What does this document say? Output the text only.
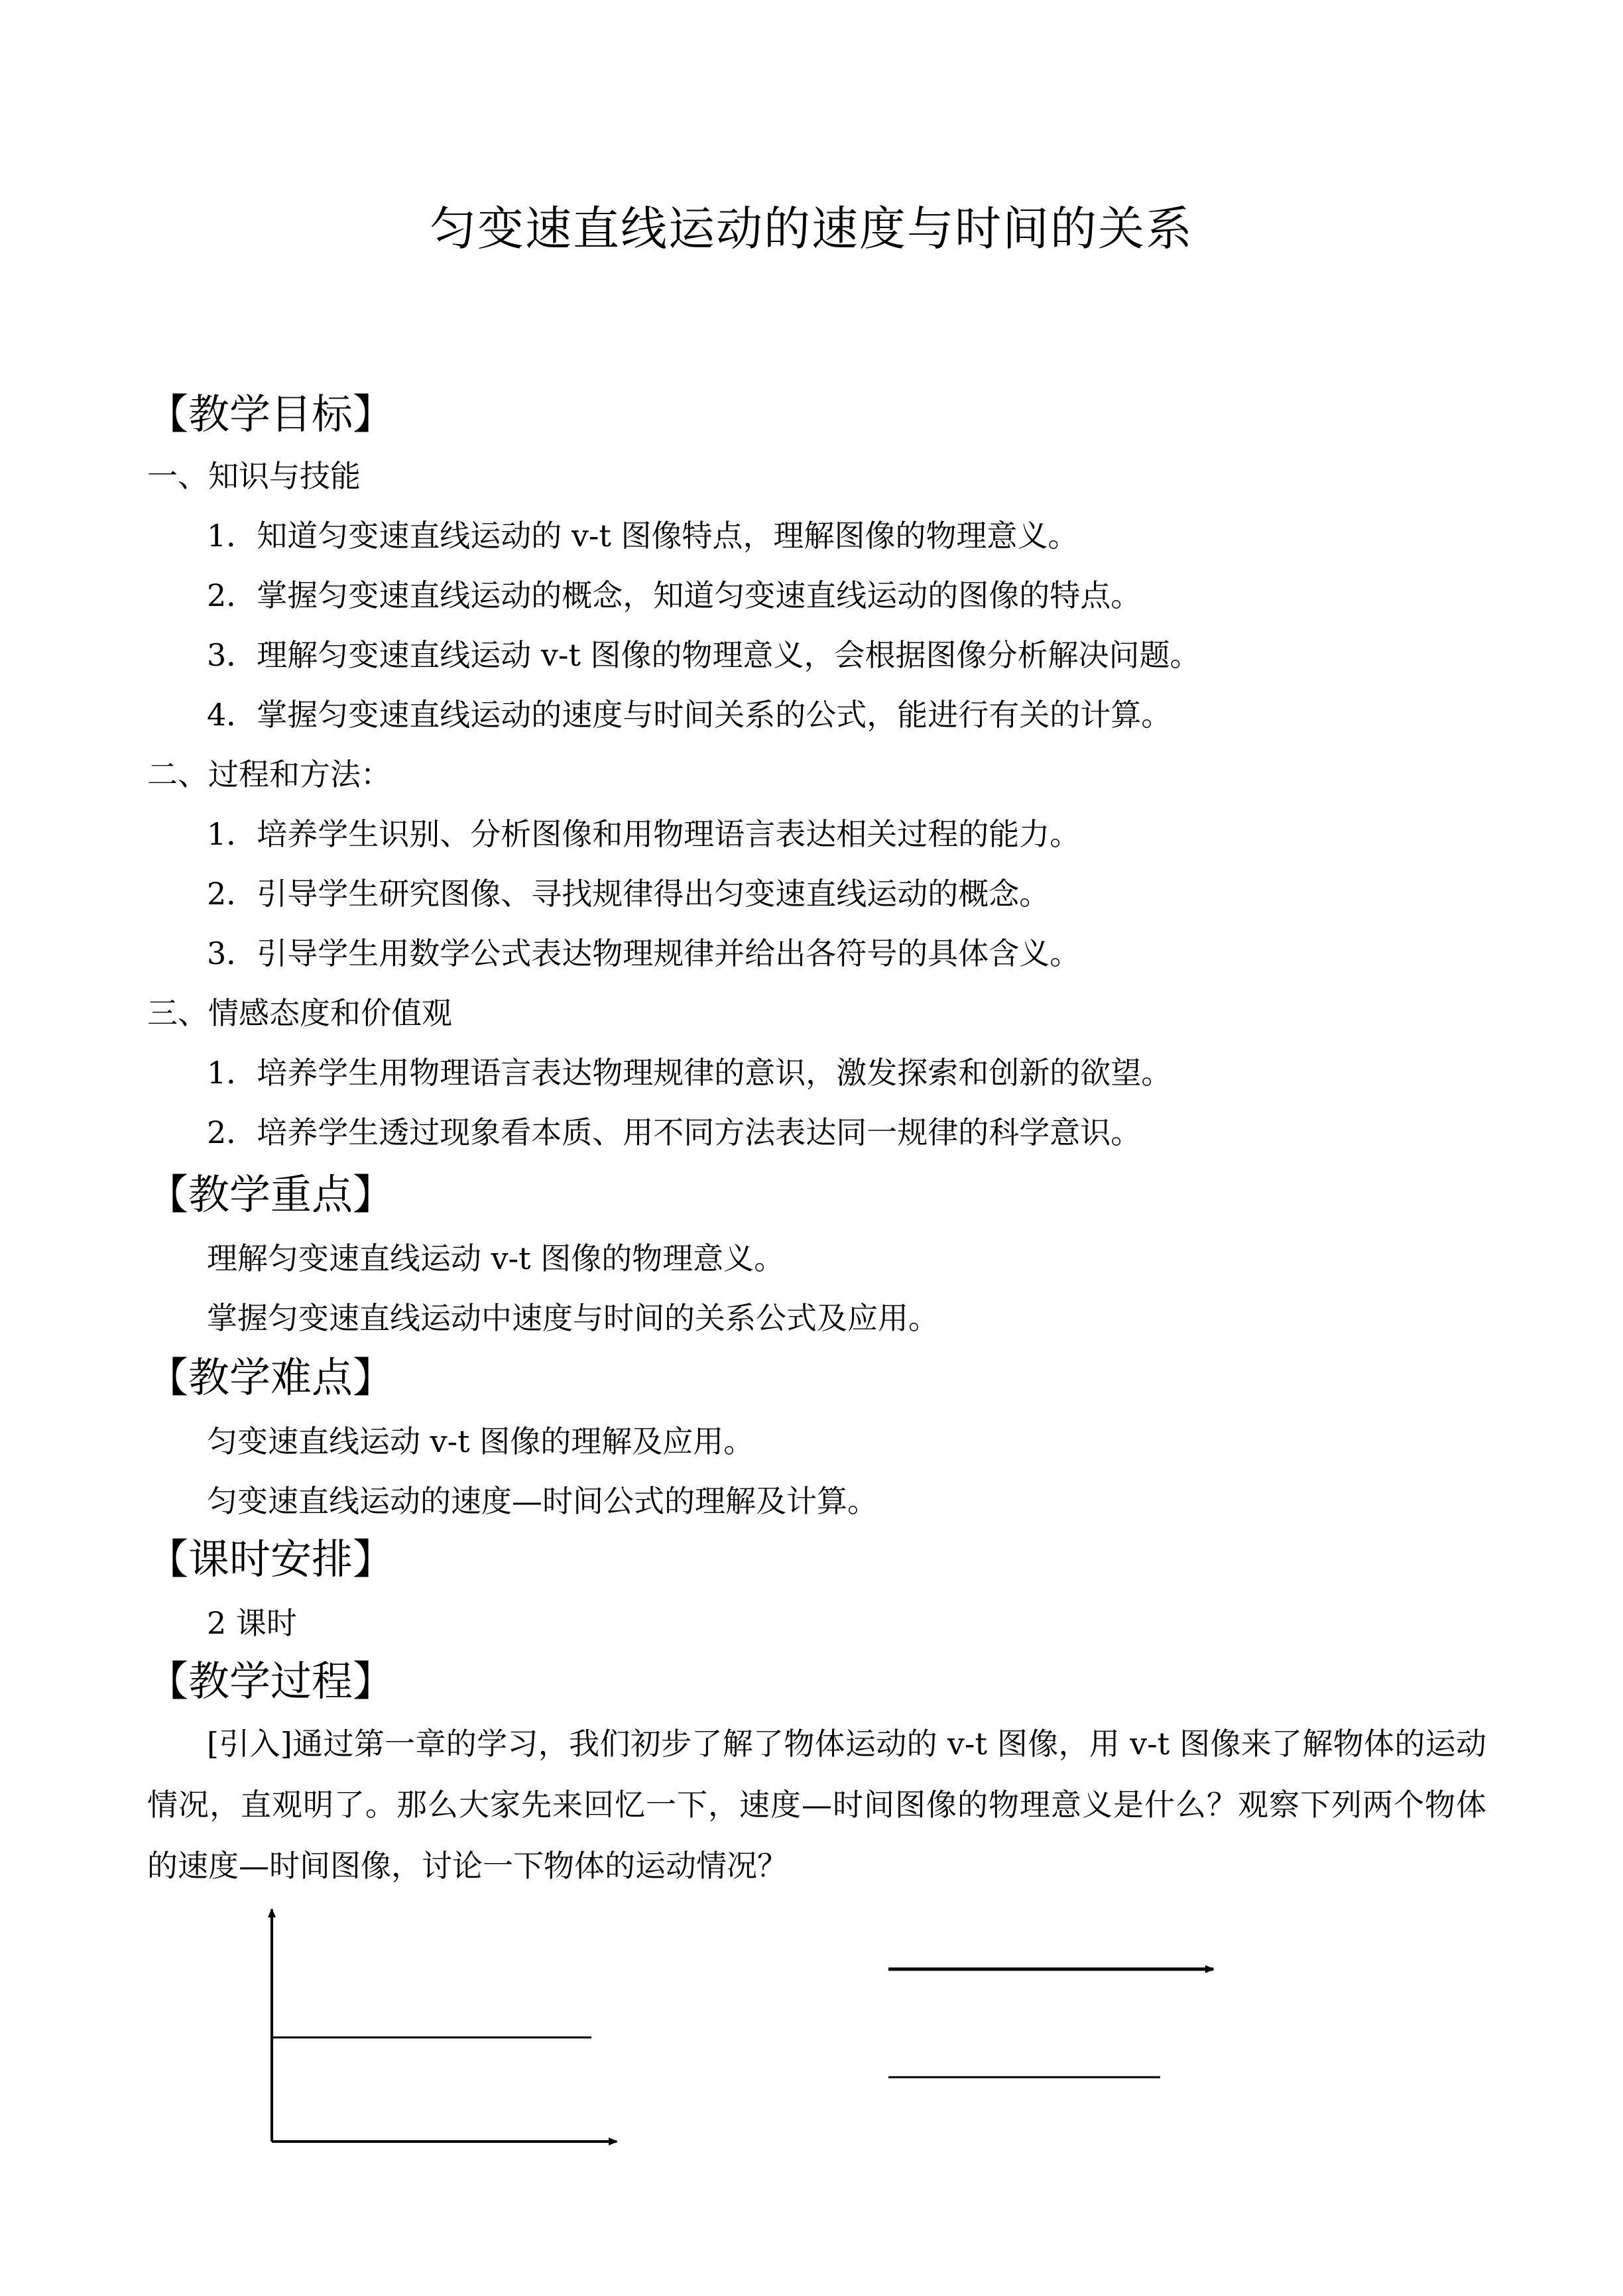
匀变速直线运动的速度与时间的关系
【教学目标】
一、知识与技能
1．知道匀变速直线运动的 v-t 图像特点，理解图像的物理意义。
2．掌握匀变速直线运动的概念，知道匀变速直线运动的图像的特点。
3．理解匀变速直线运动 v-t 图像的物理意义，会根据图像分析解决问题。
4．掌握匀变速直线运动的速度与时间关系的公式，能进行有关的计算。
二、过程和方法：
1．培养学生识别、分析图像和用物理语言表达相关过程的能力。
2．引导学生研究图像、寻找规律得出匀变速直线运动的概念。
3．引导学生用数学公式表达物理规律并给出各符号的具体含义。
三、情感态度和价值观
1．培养学生用物理语言表达物理规律的意识，激发探索和创新的欲望。
2．培养学生透过现象看本质、用不同方法表达同一规律的科学意识。
【教学重点】
理解匀变速直线运动 v-t 图像的物理意义。
掌握匀变速直线运动中速度与时间的关系公式及应用。
【教学难点】
匀变速直线运动 v-t 图像的理解及应用。
匀变速直线运动的速度—时间公式的理解及计算。
【课时安排】
2 课时
【教学过程】
[引入]通过第一章的学习，我们初步了解了物体运动的 v-t 图像，用 v-t 图像来了解物体的运动情况，直观明了。那么大家先来回忆一下，速度—时间图像的物理意义是什么？观察下列两个物体的速度—时间图像，讨论一下物体的运动情况？
